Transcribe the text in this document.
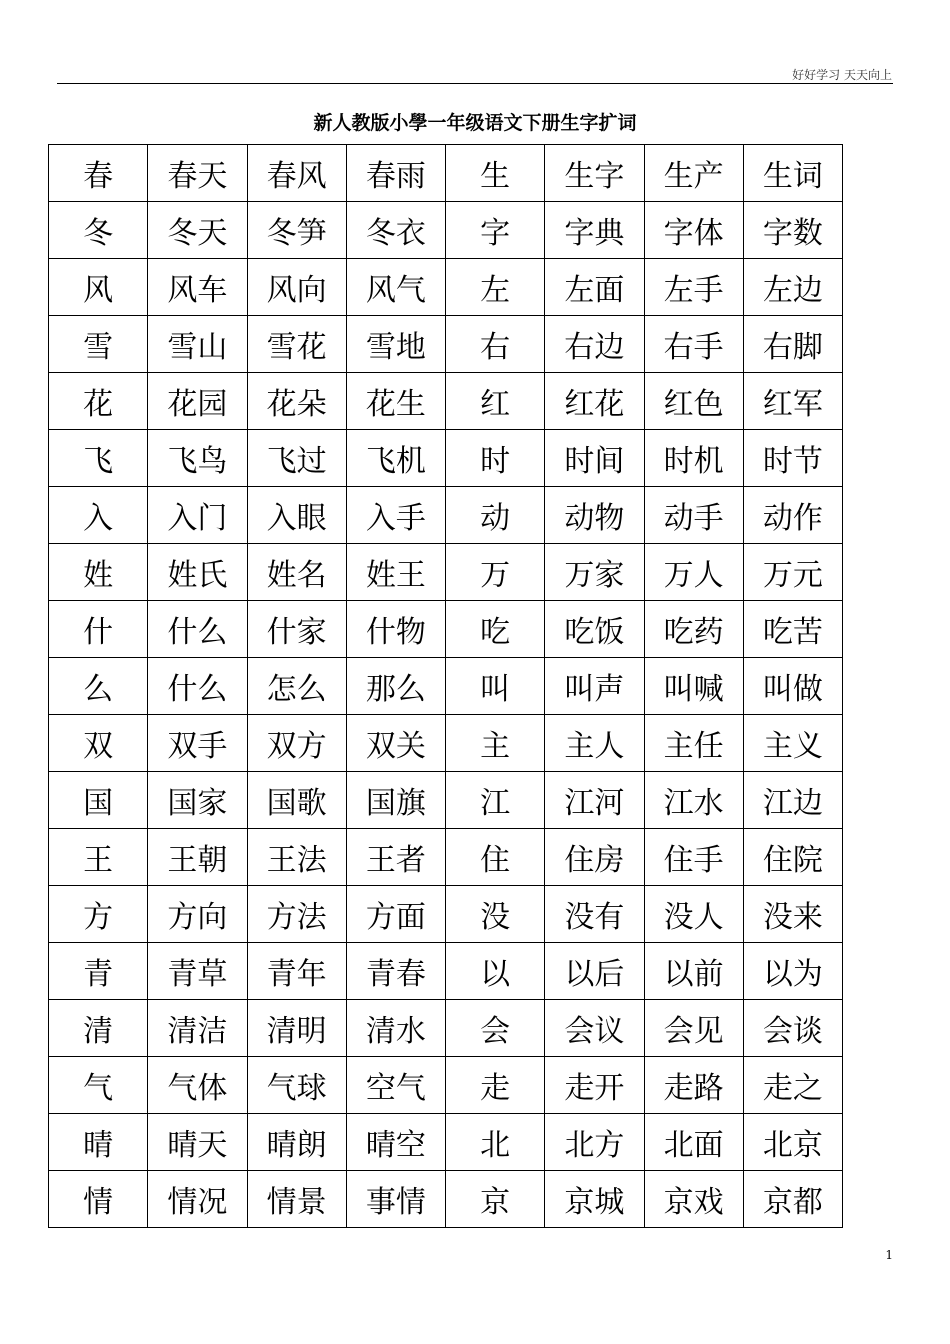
好好学习 天天向上
新人教版小學一年级语文下册生字扩词
春	春天	春风	春雨	生	生字	生产	生词
冬	冬天	冬笋	冬衣	字	字典	字体	字数
风	风车	风向	风气	左	左面	左手	左边
雪	雪山	雪花	雪地	右	右边	右手	右脚
花	花园	花朵	花生	红	红花	红色	红军
飞	飞鸟	飞过	飞机	时	时间	时机	时节
入	入门	入眼	入手	动	动物	动手	动作
姓	姓氏	姓名	姓王	万	万家	万人	万元
什	什么	什家	什物	吃	吃饭	吃药	吃苦
么	什么	怎么	那么	叫	叫声	叫喊	叫做
双	双手	双方	双关	主	主人	主任	主义
国	国家	国歌	国旗	江	江河	江水	江边
王	王朝	王法	王者	住	住房	住手	住院
方	方向	方法	方面	没	没有	没人	没来
青	青草	青年	青春	以	以后	以前	以为
清	清洁	清明	清水	会	会议	会见	会谈
气	气体	气球	空气	走	走开	走路	走之
晴	晴天	晴朗	晴空	北	北方	北面	北京
情	情况	情景	事情	京	京城	京戏	京都
1
